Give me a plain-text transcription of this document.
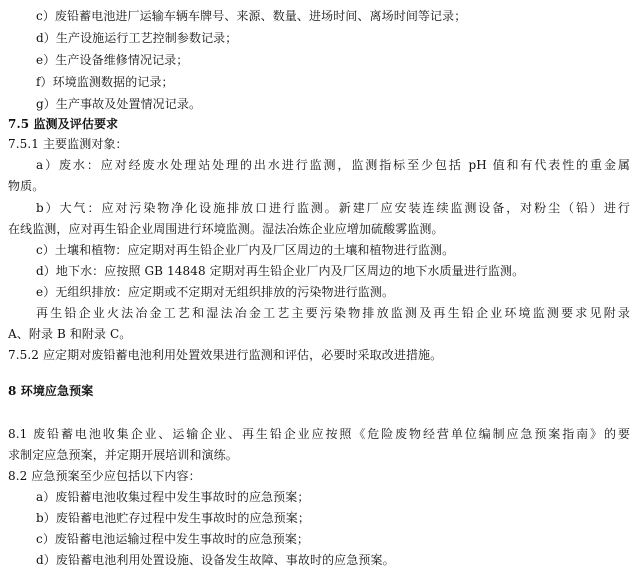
c）废铅蓄电池进厂运输车辆车牌号、来源、数量、进场时间、离场时间等记录；
d）生产设施运行工艺控制参数记录；
e）生产设备维修情况记录；
f）环境监测数据的记录；
g）生产事故及处置情况记录。
7.5 监测及评估要求
7.5.1 主要监测对象：
a）废水：应对经废水处理站处理的出水进行监测，监测指标至少包括 pH 值和有代表性的重金属
物质。
b）大气：应对污染物净化设施排放口进行监测。新建厂应安装连续监测设备，对粉尘（铅）进行
在线监测，应对再生铅企业周围进行环境监测。湿法冶炼企业应增加硫酸雾监测。
c）土壤和植物：应定期对再生铅企业厂内及厂区周边的土壤和植物进行监测。
d）地下水：应按照 GB 14848 定期对再生铅企业厂内及厂区周边的地下水质量进行监测。
e）无组织排放：应定期或不定期对无组织排放的污染物进行监测。
再生铅企业火法冶金工艺和湿法冶金工艺主要污染物排放监测及再生铅企业环境监测要求见附录
A、附录 B 和附录 C。
7.5.2 应定期对废铅蓄电池利用处置效果进行监测和评估，必要时采取改进措施。
8 环境应急预案
8.1 废铅蓄电池收集企业、运输企业、再生铅企业应按照《危险废物经营单位编制应急预案指南》的要
求制定应急预案，并定期开展培训和演练。
8.2 应急预案至少应包括以下内容：
a）废铅蓄电池收集过程中发生事故时的应急预案；
b）废铅蓄电池贮存过程中发生事故时的应急预案；
c）废铅蓄电池运输过程中发生事故时的应急预案；
d）废铅蓄电池利用处置设施、设备发生故障、事故时的应急预案。
